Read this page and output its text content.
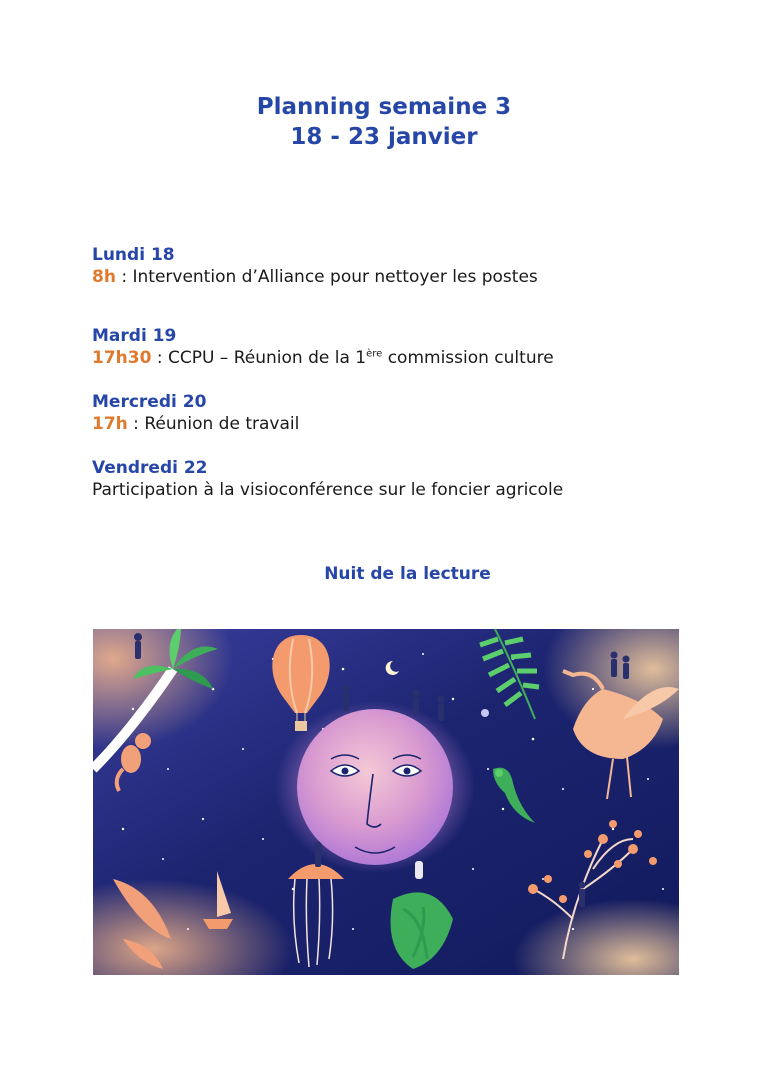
Planning semaine 3
18 - 23 janvier
Lundi 18
8h : Intervention d’Alliance pour nettoyer les postes
Mardi 19
17h30 : CCPU – Réunion de la 1ère commission culture
Mercredi 20
17h : Réunion de travail
Vendredi 22
Participation à la visioconférence sur le foncier agricole
Nuit de la lecture
